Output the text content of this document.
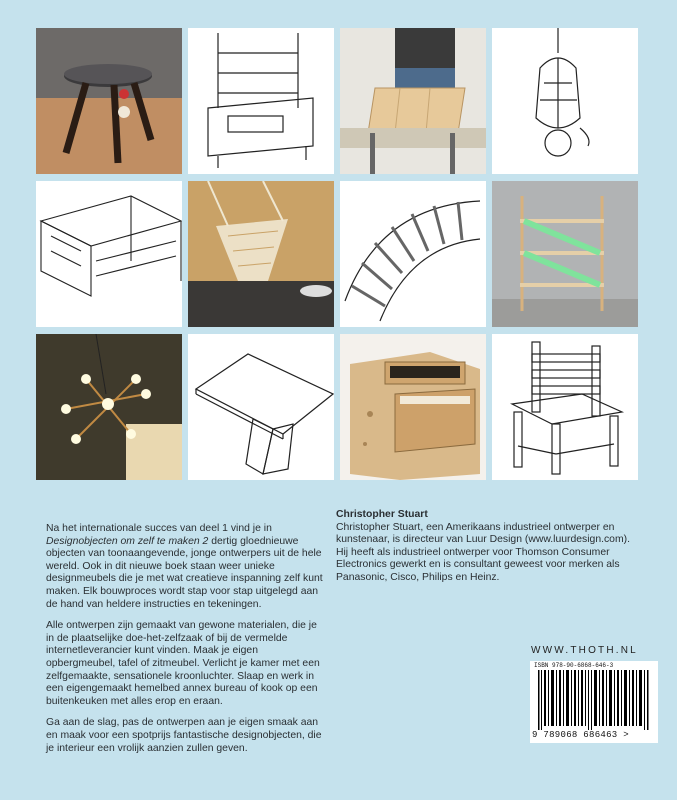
Na het internationale succes van deel 1 vind je in Designobjecten om zelf te maken 2 dertig gloednieuwe objecten van toonaangevende, jonge ontwerpers uit de hele wereld. Ook in dit nieuwe boek staan weer unieke designmeubels die je met wat creatieve inspanning zelf kunt maken. Elk bouwproces wordt stap voor stap uitgelegd aan de hand van heldere instructies en tekeningen.

Alle ontwerpen zijn gemaakt van gewone materialen, die je in de plaatselijke doe-het-zelfzaak of bij de vermelde internetleverancier kunt vinden. Maak je eigen opbergmeubel, tafel of zitmeubel. Verlicht je kamer met een zelfgemaakte, sensationele kroonluchter. Slaap en werk in een eigengemaakt hemelbed annex bureau of kook op een buitenkeuken met alles erop en eraan.

Ga aan de slag, pas de ontwerpen aan je eigen smaak aan en maak voor een spotprijs fantastische designobjecten, die je interieur een vrolijk aanzien zullen geven.

Christopher Stuart
Christopher Stuart, een Amerikaans industrieel ontwerper en kunstenaar, is directeur van Luur Design (www.luurdesign.com). Hij heeft als industrieel ontwerper voor Thomson Consumer Electronics gewerkt en is consultant geweest voor merken als Panasonic, Cisco, Philips en Heinz.
WWW.THOTH.NL
ISBN 978-90-6868-646-3
9 789068 686463 >
